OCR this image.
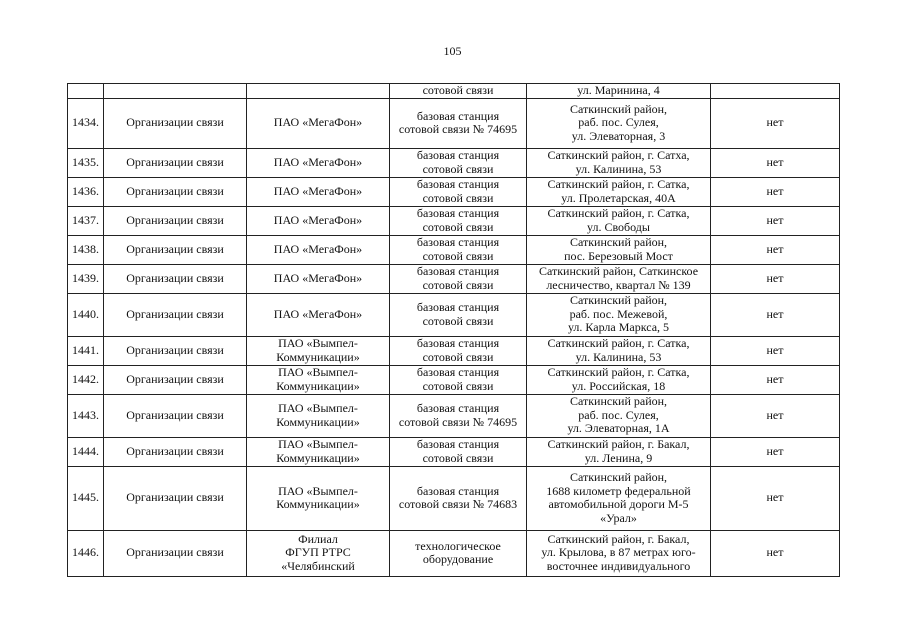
105

			сотовой связи	ул. Маринина, 4	

1434.	Организации связи	ПАО «МегаФон»	базовая станция
сотовой связи № 74695	Саткинский район,
раб. пос. Сулея,
ул. Элеваторная, 3	нет
1435.	Организации связи	ПАО «МегаФон»	базовая станция
сотовой связи	Саткинский район, г. Сатха,
ул. Калинина, 53	нет
1436.	Организации связи	ПАО «МегаФон»	базовая станция
сотовой связи	Саткинский район, г. Сатка,
ул. Пролетарская, 40А	нет
1437.	Организации связи	ПАО «МегаФон»	базовая станция
сотовой связи	Саткинский район, г. Сатка,
ул. Свободы	нет
1438.	Организации связи	ПАО «МегаФон»	базовая станция
сотовой связи	Саткинский район,
пос. Березовый Мост	нет
1439.	Организации связи	ПАО «МегаФон»	базовая станция
сотовой связи	Саткинский район, Саткинское
лесничество, квартал № 139	нет
1440.	Организации связи	ПАО «МегаФон»	базовая станция
сотовой связи	Саткинский район,
раб. пос. Межевой,
ул. Карла Маркса, 5	нет
1441.	Организации связи	ПАО «Вымпел-
Коммуникации»	базовая станция
сотовой связи	Саткинский район, г. Сатка,
ул. Калинина, 53	нет
1442.	Организации связи	ПАО «Вымпел-
Коммуникации»	базовая станция
сотовой связи	Саткинский район, г. Сатка,
ул. Российская, 18	нет
1443.	Организации связи	ПАО «Вымпел-
Коммуникации»	базовая станция
сотовой связи № 74695	Саткинский район,
раб. пос. Сулея,
ул. Элеваторная, 1А	нет
1444.	Организации связи	ПАО «Вымпел-
Коммуникации»	базовая станция
сотовой связи	Саткинский район, г. Бакал,
ул. Ленина, 9	нет
1445.	Организации связи	ПАО «Вымпел-
Коммуникации»	базовая станция
сотовой связи № 74683	Саткинский район,
1688 километр федеральной
автомобильной дороги М-5
«Урал»	нет
1446.	Организации связи	Филиал
ФГУП РТРС
«Челябинский	технологическое
оборудование	Саткинский район, г. Бакал,
ул. Крылова, в 87 метрах юго-
восточнее индивидуального	нет
